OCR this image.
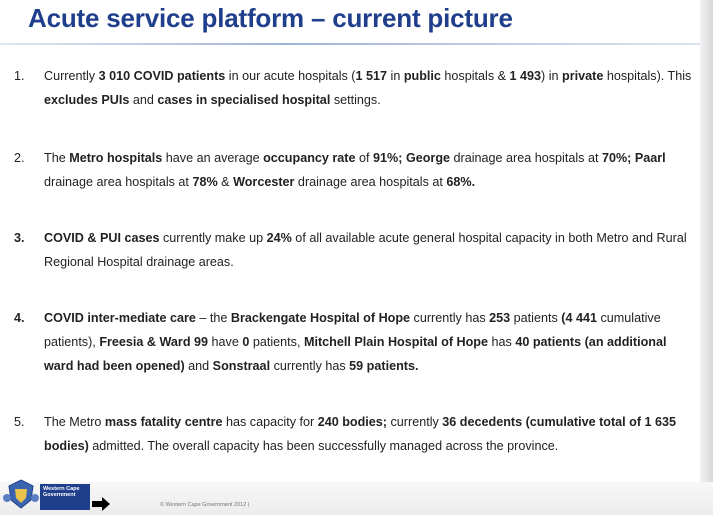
Acute service platform – current picture
1.	Currently 3 010 COVID patients in our acute hospitals (1 517 in public hospitals & 1 493) in private hospitals). This excludes PUIs and cases in specialised hospital settings.
2.	The Metro hospitals have an average occupancy rate of 91%; George drainage area hospitals at 70%; Paarl drainage area hospitals at 78% & Worcester drainage area hospitals at 68%.
3.	COVID & PUI cases currently make up 24% of all available acute general hospital capacity in both Metro and Rural Regional Hospital drainage areas.
4.	COVID inter-mediate care – the Brackengate Hospital of Hope currently has 253 patients (4 441 cumulative patients), Freesia & Ward 99 have 0 patients, Mitchell Plain Hospital of Hope has 40 patients (an additional ward had been opened) and Sonstraal currently has 59 patients.
5.	The Metro mass fatality centre has capacity for 240 bodies; currently 36 decedents (cumulative total of 1 635 bodies) admitted. The overall capacity has been successfully managed across the province.
Western Cape
Government
© Western Cape Government 2012 |
